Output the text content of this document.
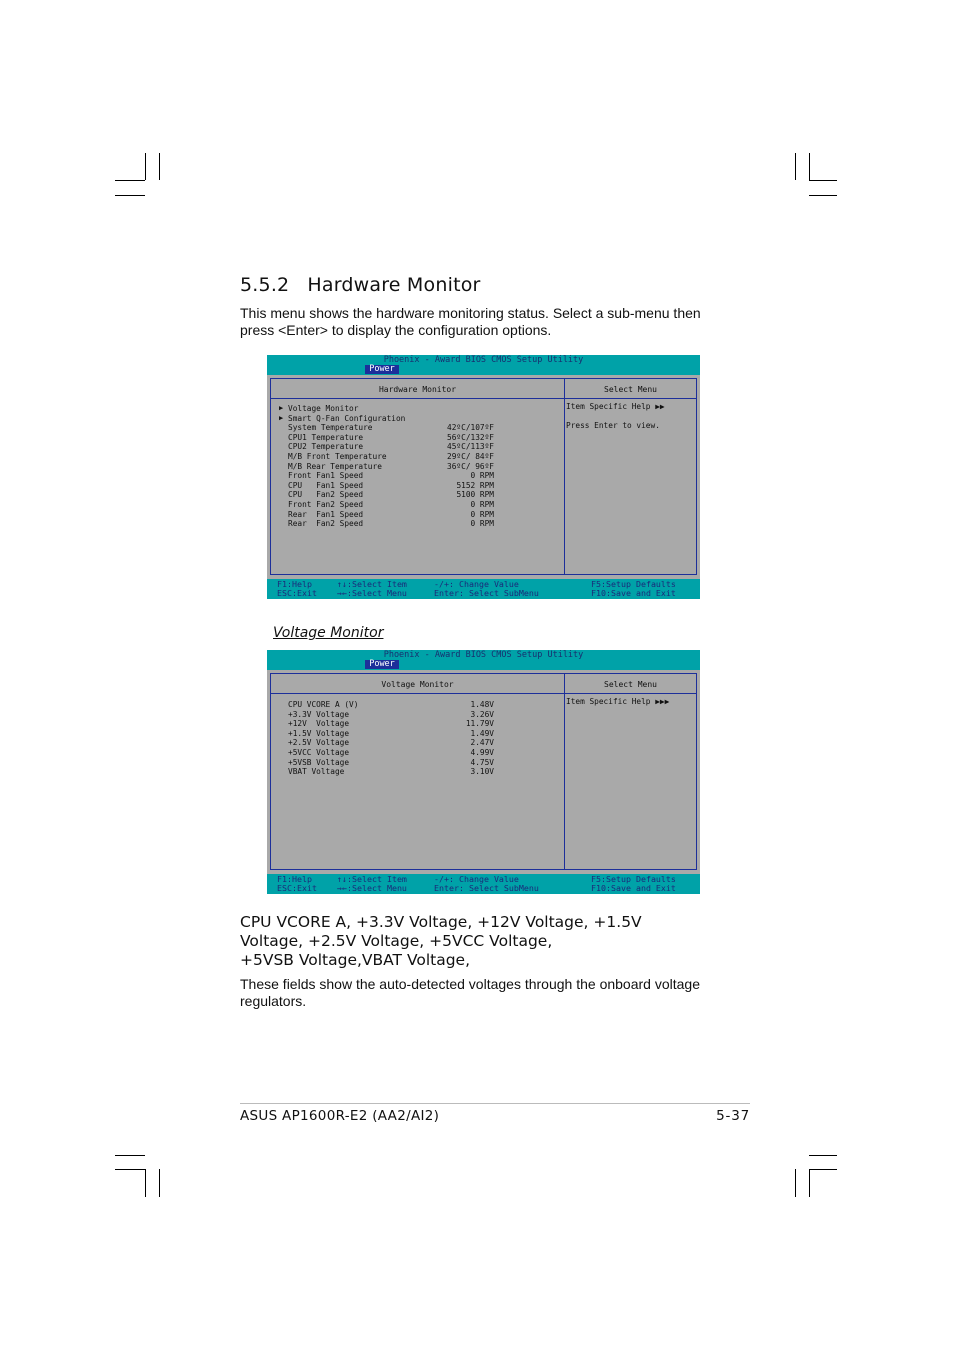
5.5.2 Hardware Monitor

This menu shows the hardware monitoring status. Select a sub-menu then press <Enter> to display the configuration options.

Phoenix - Award BIOS CMOS Setup Utility
Power
Hardware Monitor	Select Menu
▶ Voltage Monitor
▶ Smart Q-Fan Configuration
System Temperature	42ºC/107ºF
CPU1 Temperature	56ºC/132ºF
CPU2 Temperature	45ºC/113ºF
M/B Front Temperature	29ºC/ 84ºF
M/B Rear Temperature	36ºC/ 96ºF
Front Fan1 Speed	0 RPM
CPU   Fan1 Speed	5152 RPM
CPU   Fan2 Speed	5100 RPM
Front Fan2 Speed	0 RPM
Rear  Fan1 Speed	0 RPM
Rear  Fan2 Speed	0 RPM

Item Specific Help ▶▶

Press Enter to view.

F1:Help
ESC:Exit
↑↓:Select Item
→←:Select Menu
-/+: Change Value
Enter: Select SubMenu
F5:Setup Defaults
F10:Save and Exit
Voltage Monitor
Phoenix - Award BIOS CMOS Setup Utility
Power
Voltage Monitor	Select Menu
CPU VCORE A (V)	1.48V
+3.3V Voltage	3.26V
+12V  Voltage	11.79V
+1.5V Voltage	1.49V
+2.5V Voltage	2.47V
+5VCC Voltage	4.99V
+5VSB Voltage	4.75V
VBAT Voltage	3.10V

Item Specific Help ▶▶▶

F1:Help
ESC:Exit
↑↓:Select Item
→←:Select Menu
-/+: Change Value
Enter: Select SubMenu
F5:Setup Defaults
F10:Save and Exit
CPU VCORE A, +3.3V Voltage, +12V Voltage, +1.5V
Voltage, +2.5V Voltage, +5VCC Voltage,
+5VSB Voltage,VBAT Voltage,

These fields show the auto-detected voltages through the onboard voltage regulators.

ASUS AP1600R-E2 (AA2/AI2)	5-37
